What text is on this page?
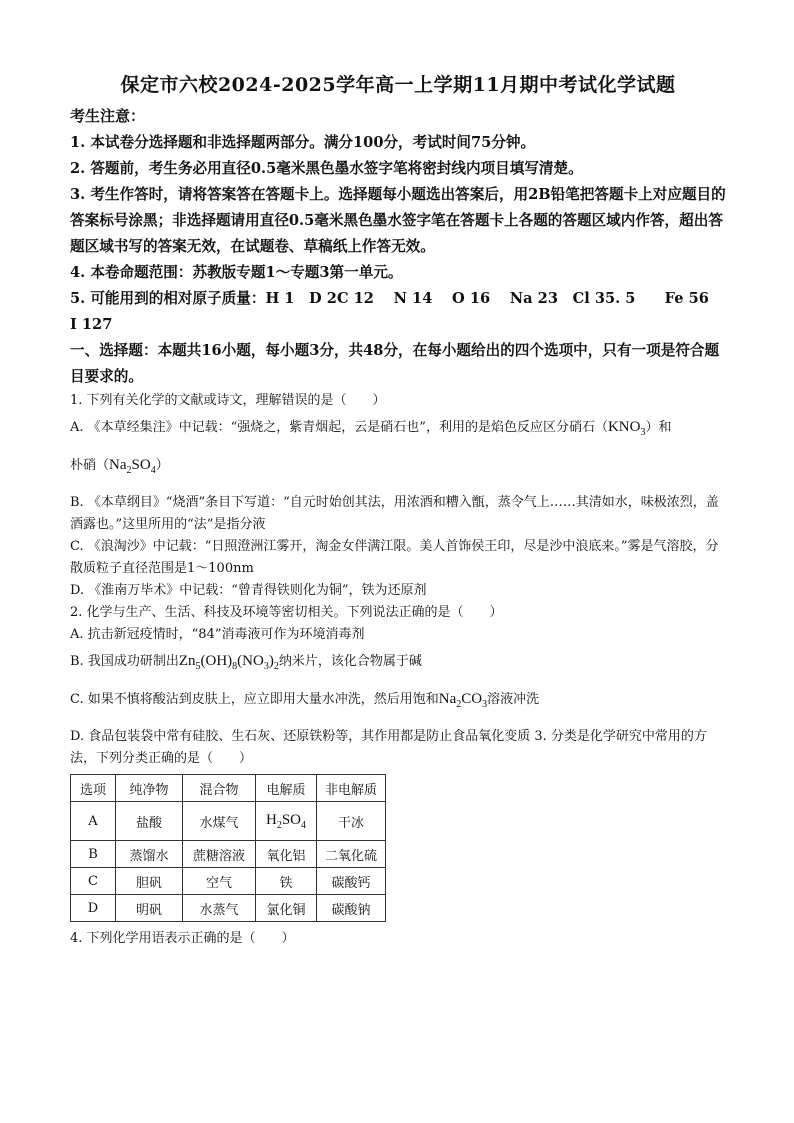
保定市六校2024-2025学年高一上学期11月期中考试化学试题
考生注意：

1. 本试卷分选择题和非选择题两部分。满分100分，考试时间75分钟。

2. 答题前，考生务必用直径0.5毫米黑色墨水签字笔将密封线内项目填写清楚。

3. 考生作答时，请将答案答在答题卡上。选择题每小题选出答案后，用2B铅笔把答题卡上对应题目的答案标号涂黑；非选择题请用直径0.5毫米黑色墨水签字笔在答题卡上各题的答题区域内作答，超出答题区域书写的答案无效，在试题卷、草稿纸上作答无效。

4. 本卷命题范围：苏教版专题1～专题3第一单元。

5. 可能用到的相对原子质量：H 1　D 2C 12　 N 14　 O 16　 Na 23　Cl 35. 5　　Fe 56

I 127

一、选择题：本题共16小题，每小题3分，共48分，在每小题给出的四个选项中，只有一项是符合题目要求的。

1. 下列有关化学的文献或诗文，理解错误的是（　　）

A. 《本草经集注》中记载：“强烧之，紫青烟起，云是硝石也”，利用的是焰色反应区分硝石$(KNO_3)$和

朴硝$(Na_2SO_4)$

B. 《本草纲目》“烧酒”条目下写道：“自元时始创其法，用浓酒和糟入甑，蒸令气上……其清如水，味极浓烈，盖酒露也。”这里所用的“法”是指分液

C. 《浪淘沙》中记载：“日照澄洲江雾开，淘金女伴满江限。美人首饰侯王印，尽是沙中浪底来。”雾是气溶胶，分散质粒子直径范围是1～100nm

D. 《淮南万毕术》中记载：“曾青得铁则化为铜”，铁为还原剂

2. 化学与生产、生活、科技及环境等密切相关。下列说法正确的是（　　）

A. 抗击新冠疫情时，“84”消毒液可作为环境消毒剂

B. 我国成功研制出$Zn_5(OH)_8(NO_3)_2$纳米片，该化合物属于碱

C. 如果不慎将酸沾到皮肤上，应立即用大量水冲洗，然后用饱和$Na_2CO_3$溶液冲洗

D. 食品包装袋中常有硅胶、生石灰、还原铁粉等，其作用都是防止食品氧化变质 3. 分类是化学研究中常用的方法，下列分类正确的是（　　）

选项	纯净物	混合物	电解质	非电解质
A	盐酸	水煤气	$H_2SO_4$	干冰
B	蒸馏水	蔗糖溶液	氧化铝	二氧化硫
C	胆矾	空气	铁	碳酸钙
D	明矾	水蒸气	氯化铜	碳酸钠

4. 下列化学用语表示正确的是（　　）
